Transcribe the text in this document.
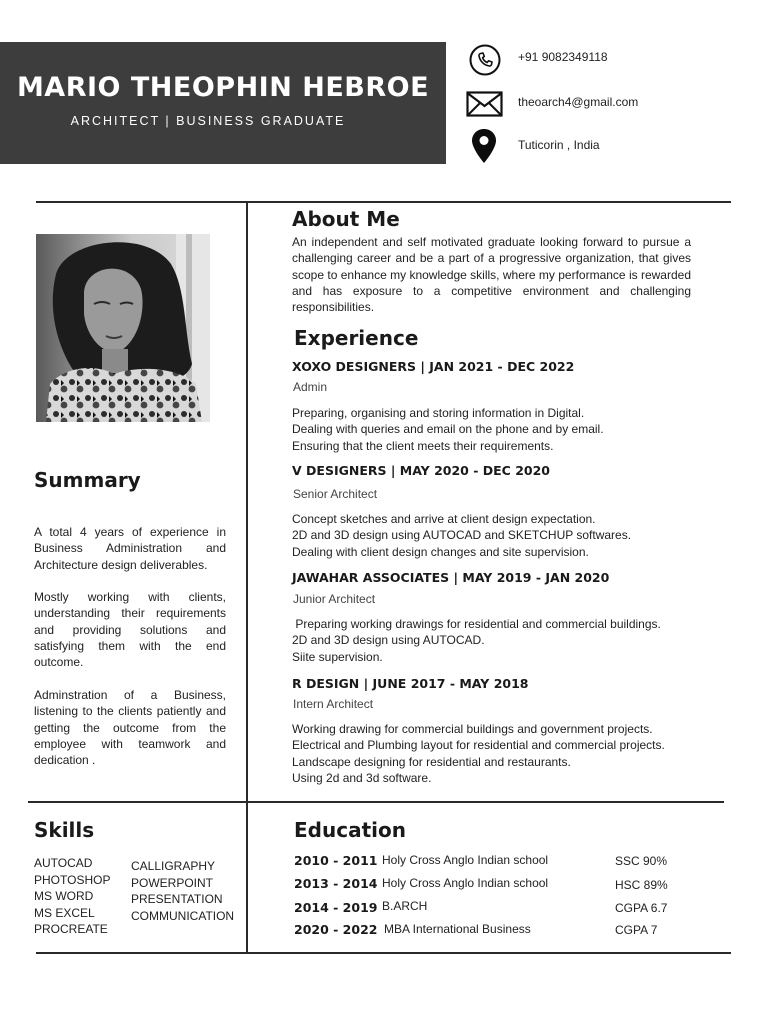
MARIO THEOPHIN HEBROE
ARCHITECT | BUSINESS GRADUATE
+91 9082349118
theoarch4@gmail.com
Tuticorin , India
About Me
An independent and self motivated graduate looking forward to pursue a challenging career and be a part of a progressive organization, that gives scope to enhance my knowledge skills, where my performance is rewarded and has exposure to a competitive environment and challenging responsibilities.
Experience
XOXO DESIGNERS | JAN 2021 - DEC 2022
Admin
Preparing, organising and storing information in Digital.
Dealing with queries and email on the phone and by email.
Ensuring that the client meets their requirements.
V DESIGNERS | MAY 2020 - DEC 2020
Senior Architect
Concept sketches and arrive at client design expectation.
2D and 3D design using AUTOCAD and SKETCHUP softwares.
Dealing with client design changes and site supervision.
JAWAHAR ASSOCIATES | MAY 2019 - JAN 2020
Junior Architect
Preparing working drawings for residential and commercial buildings.
2D and 3D design using AUTOCAD.
Siite supervision.
R DESIGN | JUNE 2017 - MAY 2018
Intern Architect
Working drawing for commercial buildings and government projects.
Electrical and Plumbing layout for residential and commercial projects.
Landscape designing for residential and restaurants.
Using 2d and 3d software.
Summary
A total 4 years of experience in Business Administration and Architecture design deliverables.
Mostly working with clients, understanding their requirements and providing solutions and satisfying them with the end outcome.
Adminstration of a Business, listening to the clients patiently and getting the outcome from the employee with teamwork and dedication .
Skills
AUTOCAD
PHOTOSHOP
MS WORD
MS EXCEL
PROCREATE
CALLIGRAPHY
POWERPOINT
PRESENTATION
COMMUNICATION
Education
2010 - 2011 Holy Cross Anglo Indian school	SSC 90%
2013 - 2014 Holy Cross Anglo Indian school	HSC 89%
2014 - 2019 B.ARCH	CGPA 6.7
2020 - 2022 MBA International Business	CGPA 7
